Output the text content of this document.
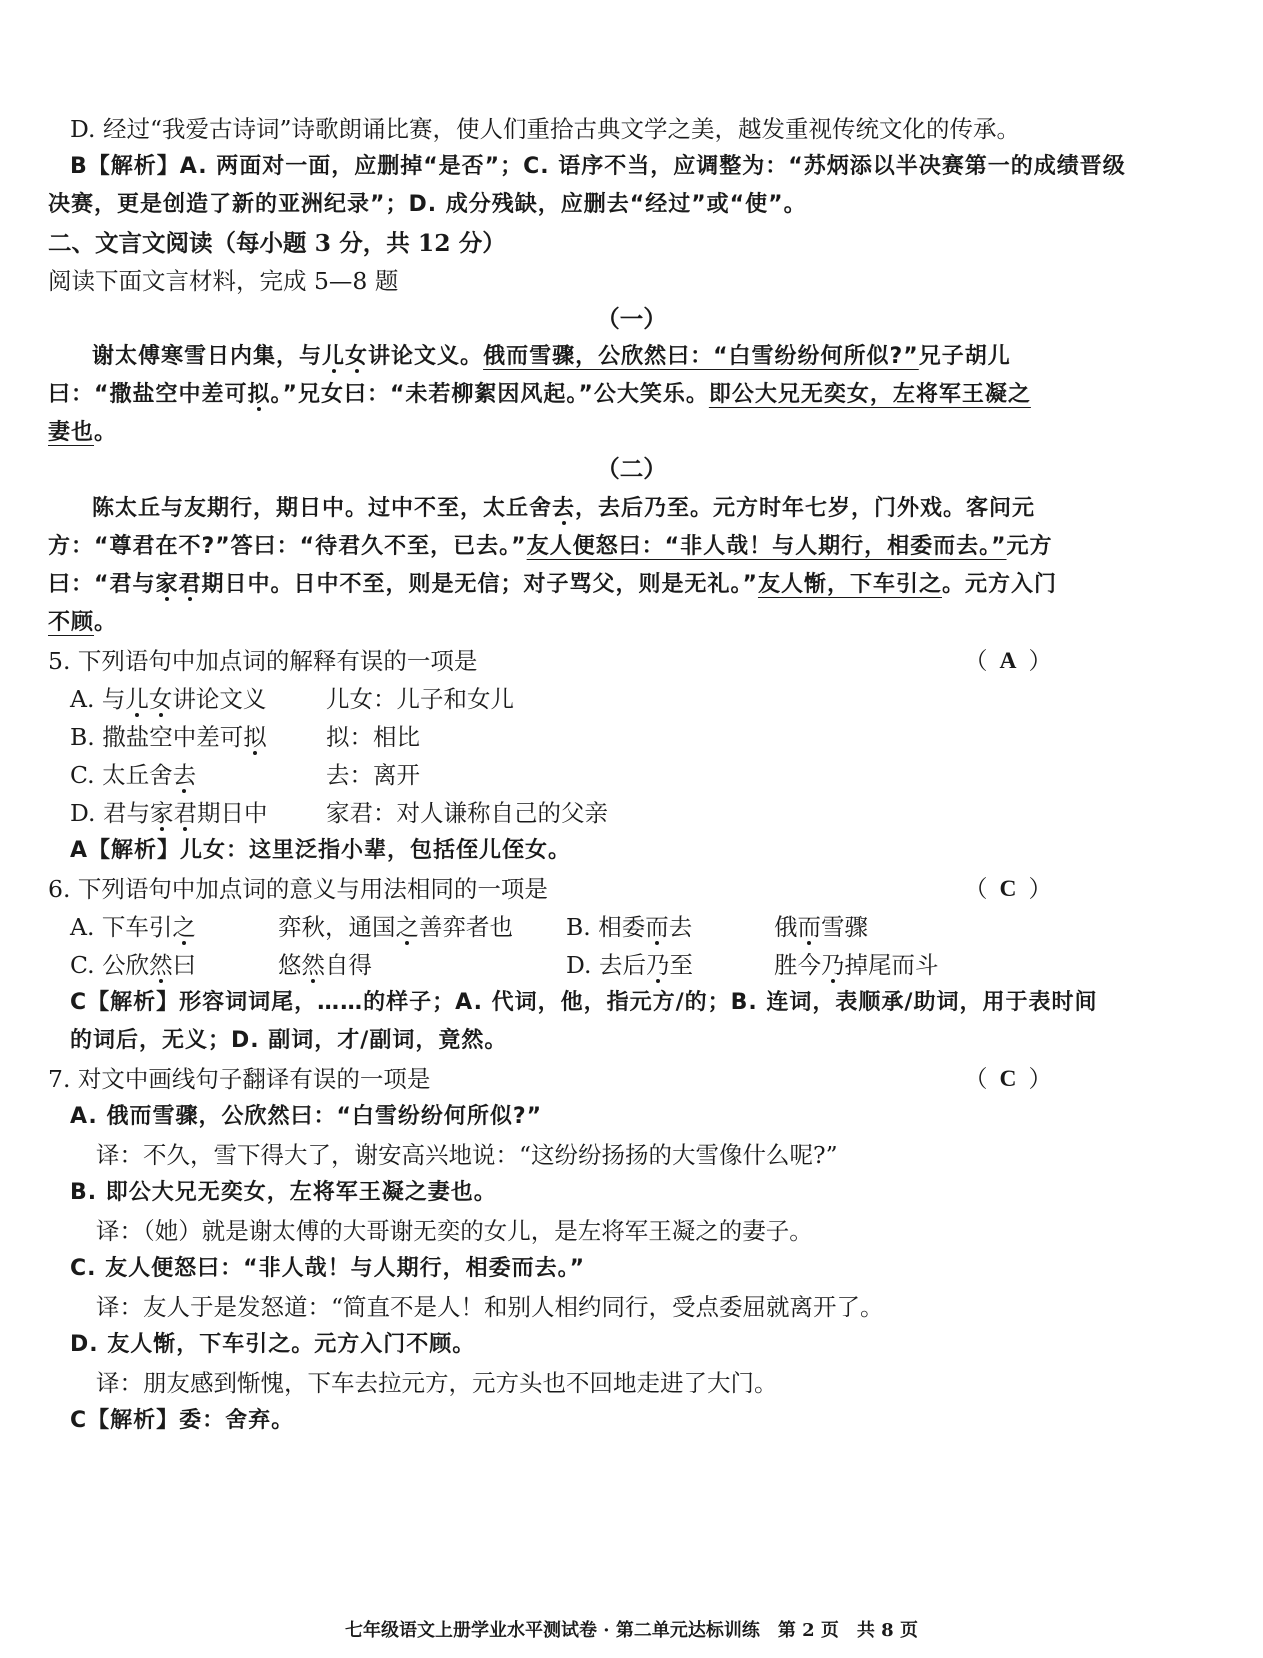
D. 经过“我爱古诗词”诗歌朗诵比赛，使人们重拾古典文学之美，越发重视传统文化的传承。
B【解析】A. 两面对一面，应删掉“是否”；C. 语序不当，应调整为：“苏炳添以半决赛第一的成绩晋级
决赛，更是创造了新的亚洲纪录”；D. 成分残缺，应删去“经过”或“使”。
二、文言文阅读（每小题 3 分，共 12 分）
阅读下面文言材料，完成 5—8 题
（一）
谢太傅寒雪日内集，与儿女讲论文义。俄而雪骤，公欣然曰：“白雪纷纷何所似?”兄子胡儿
曰：“撒盐空中差可拟。”兄女曰：“未若柳絮因风起。”公大笑乐。即公大兄无奕女，左将军王凝之
妻也。
（二）
陈太丘与友期行，期日中。过中不至，太丘舍去，去后乃至。元方时年七岁，门外戏。客问元
方：“尊君在不?”答曰：“待君久不至，已去。”友人便怒曰：“非人哉！与人期行，相委而去。”元方
曰：“君与家君期日中。日中不至，则是无信；对子骂父，则是无礼。”友人惭，下车引之。元方入门
不顾。
5. 下列语句中加点词的解释有误的一项是	（ A ）
A. 与儿女讲论文义	儿女：儿子和女儿
B. 撒盐空中差可拟	拟：相比
C. 太丘舍去	去：离开
D. 君与家君期日中 家君：对人谦称自己的父亲
A【解析】儿女：这里泛指小辈，包括侄儿侄女。
6. 下列语句中加点词的意义与用法相同的一项是	（ C ）
A. 下车引之	弈秋，通国之善弈者也 B. 相委而去	俄而雪骤
C. 公欣然曰	悠然自得	D. 去后乃至	胜今乃掉尾而斗
C【解析】形容词词尾，……的样子；A. 代词，他，指元方/的；B. 连词，表顺承/助词，用于表时间
的词后，无义；D. 副词，才/副词，竟然。
7. 对文中画线句子翻译有误的一项是	（ C ）
A. 俄而雪骤，公欣然曰：“白雪纷纷何所似?”
译：不久，雪下得大了，谢安高兴地说：“这纷纷扬扬的大雪像什么呢?”
B. 即公大兄无奕女，左将军王凝之妻也。
译：（她）就是谢太傅的大哥谢无奕的女儿，是左将军王凝之的妻子。
C. 友人便怒曰：“非人哉！与人期行，相委而去。”
译：友人于是发怒道：“简直不是人！和别人相约同行，受点委屈就离开了。
D. 友人惭，下车引之。元方入门不顾。
译：朋友感到惭愧，下车去拉元方，元方头也不回地走进了大门。
C【解析】委：舍弃。
七年级语文上册学业水平测试卷 · 第二单元达标训练　第 2 页　共 8 页
